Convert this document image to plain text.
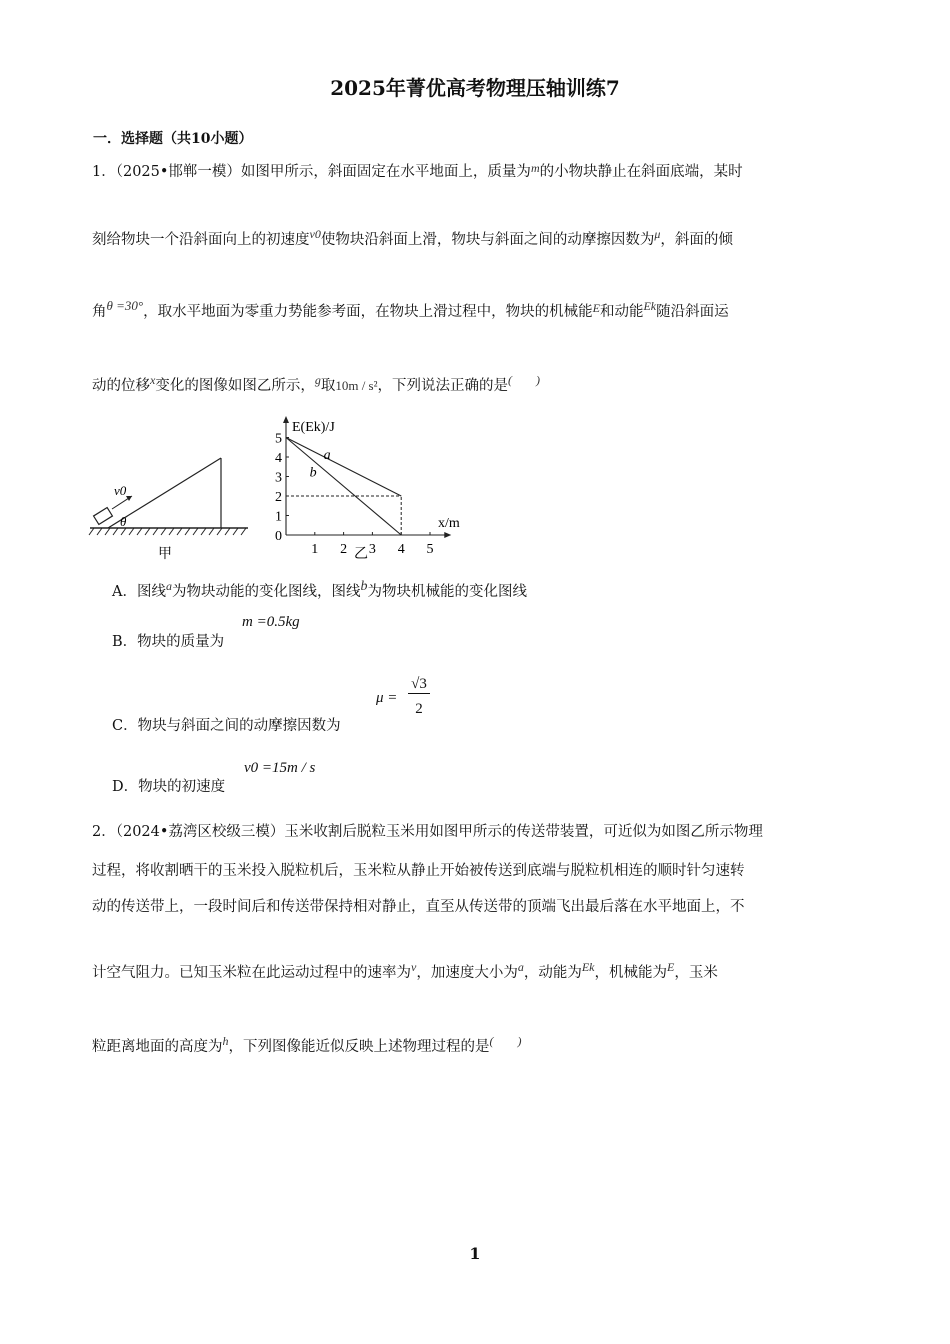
2025年菁优高考物理压轴训练7
一．选择题（共10小题）
1．（2025•邯郸一模）如图甲所示，斜面固定在水平地面上，质量为$^m$的小物块静止在斜面底端，某时
刻给物块一个沿斜面向上的初速度$^{v0}$使物块沿斜面上滑，物块与斜面之间的动摩擦因数为$^\mu$，斜面的倾
角θ =30°，取水平地面为零重力势能参考面，在物块上滑过程中，物块的机械能$^E$和动能$^{Ek}$随沿斜面运
动的位移$^x$变化的图像如图乙所示，$^g$取10m / s²，下列说法正确的是(　　)
v0
θ
甲
a
b
0
1 2 3 4 5
1
2
3
4
5
E(Ek)/J
x/m
乙
A．图线$^a$为物块动能的变化图线，图线b为物块机械能的变化图线
B．物块的质量为
m =0.5kg
C．物块与斜面之间的动摩擦因数为
μ =
√3
2
D．物块的初速度
v0 =15m / s
2．（2024•荔湾区校级三模）玉米收割后脱粒玉米用如图甲所示的传送带装置，可近似为如图乙所示物理
过程，将收割晒干的玉米投入脱粒机后，玉米粒从静止开始被传送到底端与脱粒机相连的顺时针匀速转
动的传送带上，一段时间后和传送带保持相对静止，直至从传送带的顶端飞出最后落在水平地面上，不
计空气阻力。已知玉米粒在此运动过程中的速率为$^v$，加速度大小为$^a$，动能为$^{Ek}$，机械能为$^E$，玉米
粒距离地面的高度为$^h$，下列图像能近似反映上述物理过程的是(　　)
1
